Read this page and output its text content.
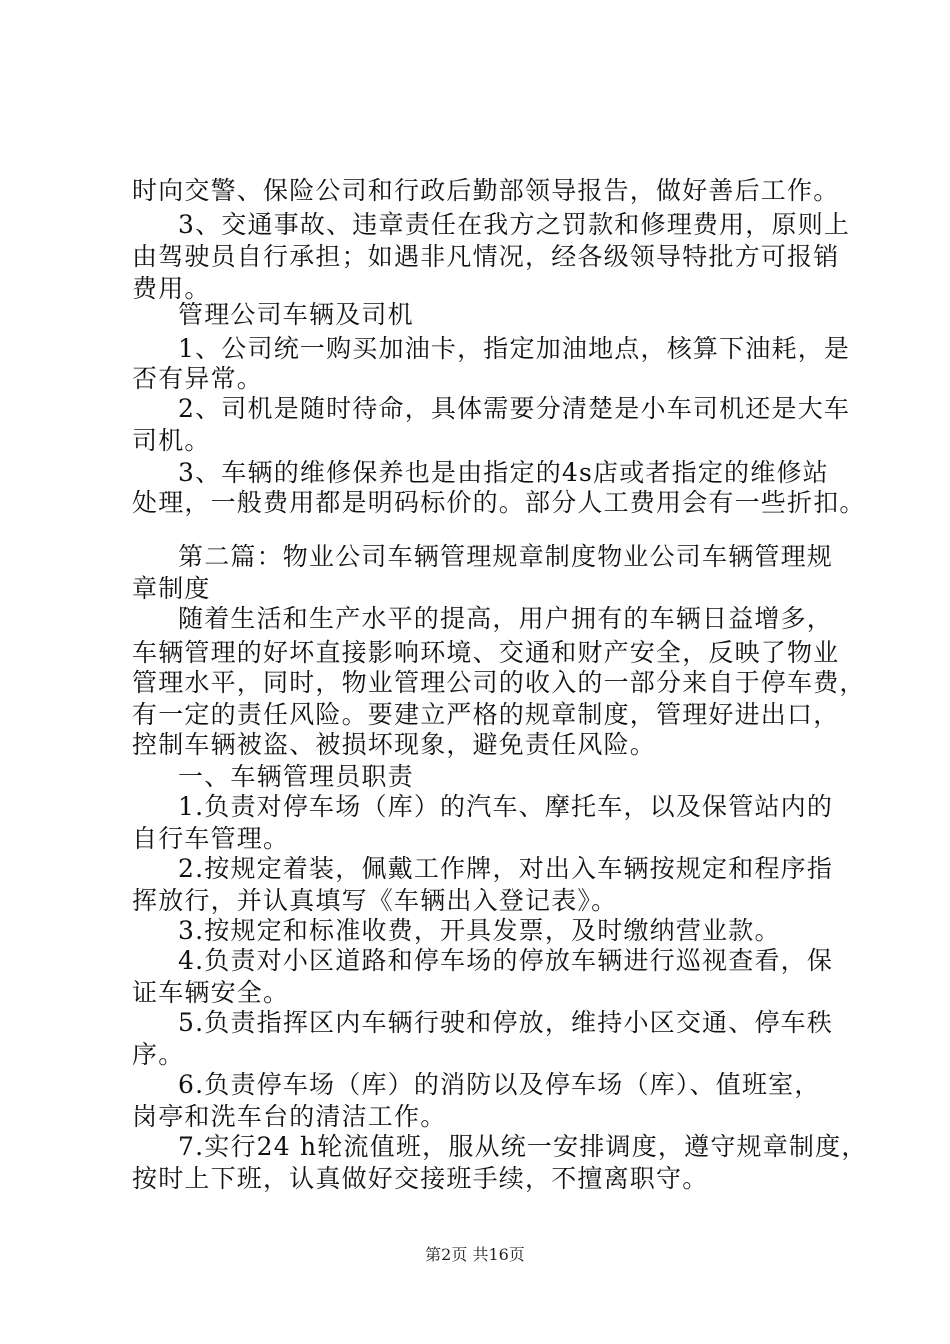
时向交警、保险公司和行政后勤部领导报告，做好善后工作。
3、交通事故、违章责任在我方之罚款和修理费用，原则上
由驾驶员自行承担；如遇非凡情况，经各级领导特批方可报销
费用。
管理公司车辆及司机
1、公司统一购买加油卡，指定加油地点，核算下油耗，是
否有异常。
2、司机是随时待命，具体需要分清楚是小车司机还是大车
司机。
3、车辆的维修保养也是由指定的4s店或者指定的维修站
处理，一般费用都是明码标价的。部分人工费用会有一些折扣。
第二篇：物业公司车辆管理规章制度物业公司车辆管理规
章制度
随着生活和生产水平的提高，用户拥有的车辆日益增多，
车辆管理的好坏直接影响环境、交通和财产安全，反映了物业
管理水平，同时，物业管理公司的收入的一部分来自于停车费，
有一定的责任风险。要建立严格的规章制度，管理好进出口，
控制车辆被盗、被损坏现象，避免责任风险。
一、车辆管理员职责
1.负责对停车场（库）的汽车、摩托车，以及保管站内的
自行车管理。
2.按规定着装，佩戴工作牌，对出入车辆按规定和程序指
挥放行，并认真填写《车辆出入登记表》。
3.按规定和标准收费，开具发票，及时缴纳营业款。
4.负责对小区道路和停车场的停放车辆进行巡视查看，保
证车辆安全。
5.负责指挥区内车辆行驶和停放，维持小区交通、停车秩
序。
6.负责停车场（库）的消防以及停车场（库）、值班室，
岗亭和洗车台的清洁工作。
7.实行24 h轮流值班，服从统一安排调度，遵守规章制度，
按时上下班，认真做好交接班手续，不擅离职守。
第2页 共16页
